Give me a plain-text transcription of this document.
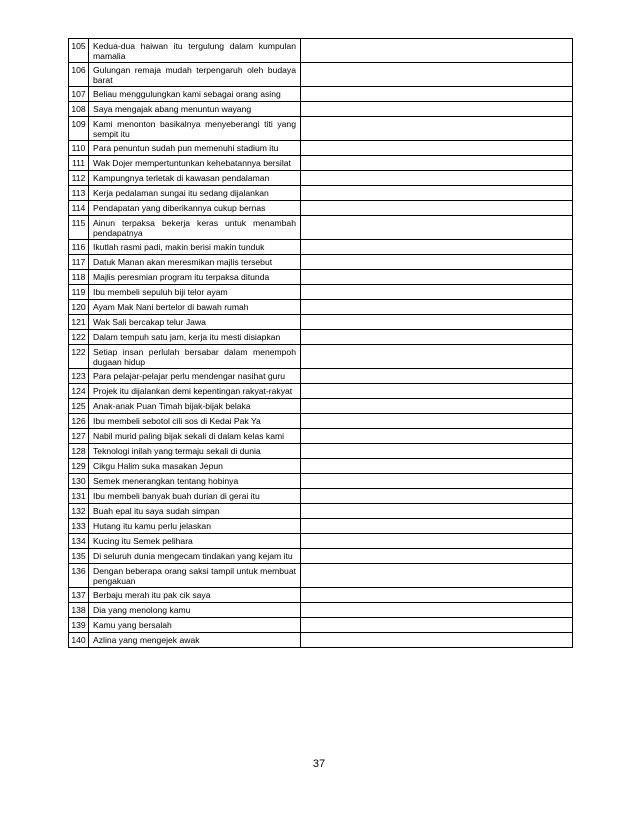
105	Kedua-dua haiwan itu tergulung dalam kumpulan mamalia	
106	Gulungan remaja mudah terpengaruh oleh budaya barat	
107	Beliau menggulungkan kami sebagai orang asing	
108	Saya mengajak abang menuntun wayang	
109	Kami menonton basikalnya menyeberangi titi yang sempit itu	
110	Para penuntun sudah pun memenuhi stadium itu	
111	Wak Dojer mempertuntunkan kehebatannya bersilat	
112	Kampungnya terletak di kawasan pendalaman	
113	Kerja pedalaman sungai itu sedang dijalankan	
114	Pendapatan yang diberikannya cukup bernas	
115	Ainun terpaksa bekerja keras untuk menambah pendapatnya	
116	Ikutlah rasmi padi, makin berisi makin tunduk	
117	Datuk Manan akan meresmikan majlis tersebut	
118	Majlis peresmian program itu terpaksa ditunda	
119	Ibu membeli sepuluh biji telor ayam	
120	Ayam Mak Nani bertelor di bawah rumah	
121	Wak Sali bercakap telur Jawa	
122	Dalam tempuh satu jam, kerja itu mesti disiapkan	
122	Setiap insan perlulah bersabar dalam menempoh dugaan hidup	
123	Para pelajar-pelajar perlu mendengar nasihat guru	
124	Projek itu dijalankan demi kepentingan rakyat-rakyat	
125	Anak-anak Puan Timah bijak-bijak belaka	
126	Ibu membeli sebotol cili sos di Kedai Pak Ya	
127	Nabil murid paling bijak sekali di dalam kelas kami	
128	Teknologi inilah yang termaju sekali di dunia	
129	Cikgu Halim suka masakan Jepun	
130	Semek menerangkan tentang hobinya	
131	Ibu membeli banyak buah durian di gerai itu	
132	Buah epal itu saya sudah simpan	
133	Hutang itu kamu perlu jelaskan	
134	Kucing itu Semek pelihara	
135	Di seluruh dunia mengecam tindakan yang kejam itu	
136	Dengan beberapa orang saksi tampil untuk membuat pengakuan	
137	Berbaju merah itu pak cik saya	
138	Dia yang menolong kamu	
139	Kamu yang bersalah	
140	Azlina yang mengejek awak	
37
